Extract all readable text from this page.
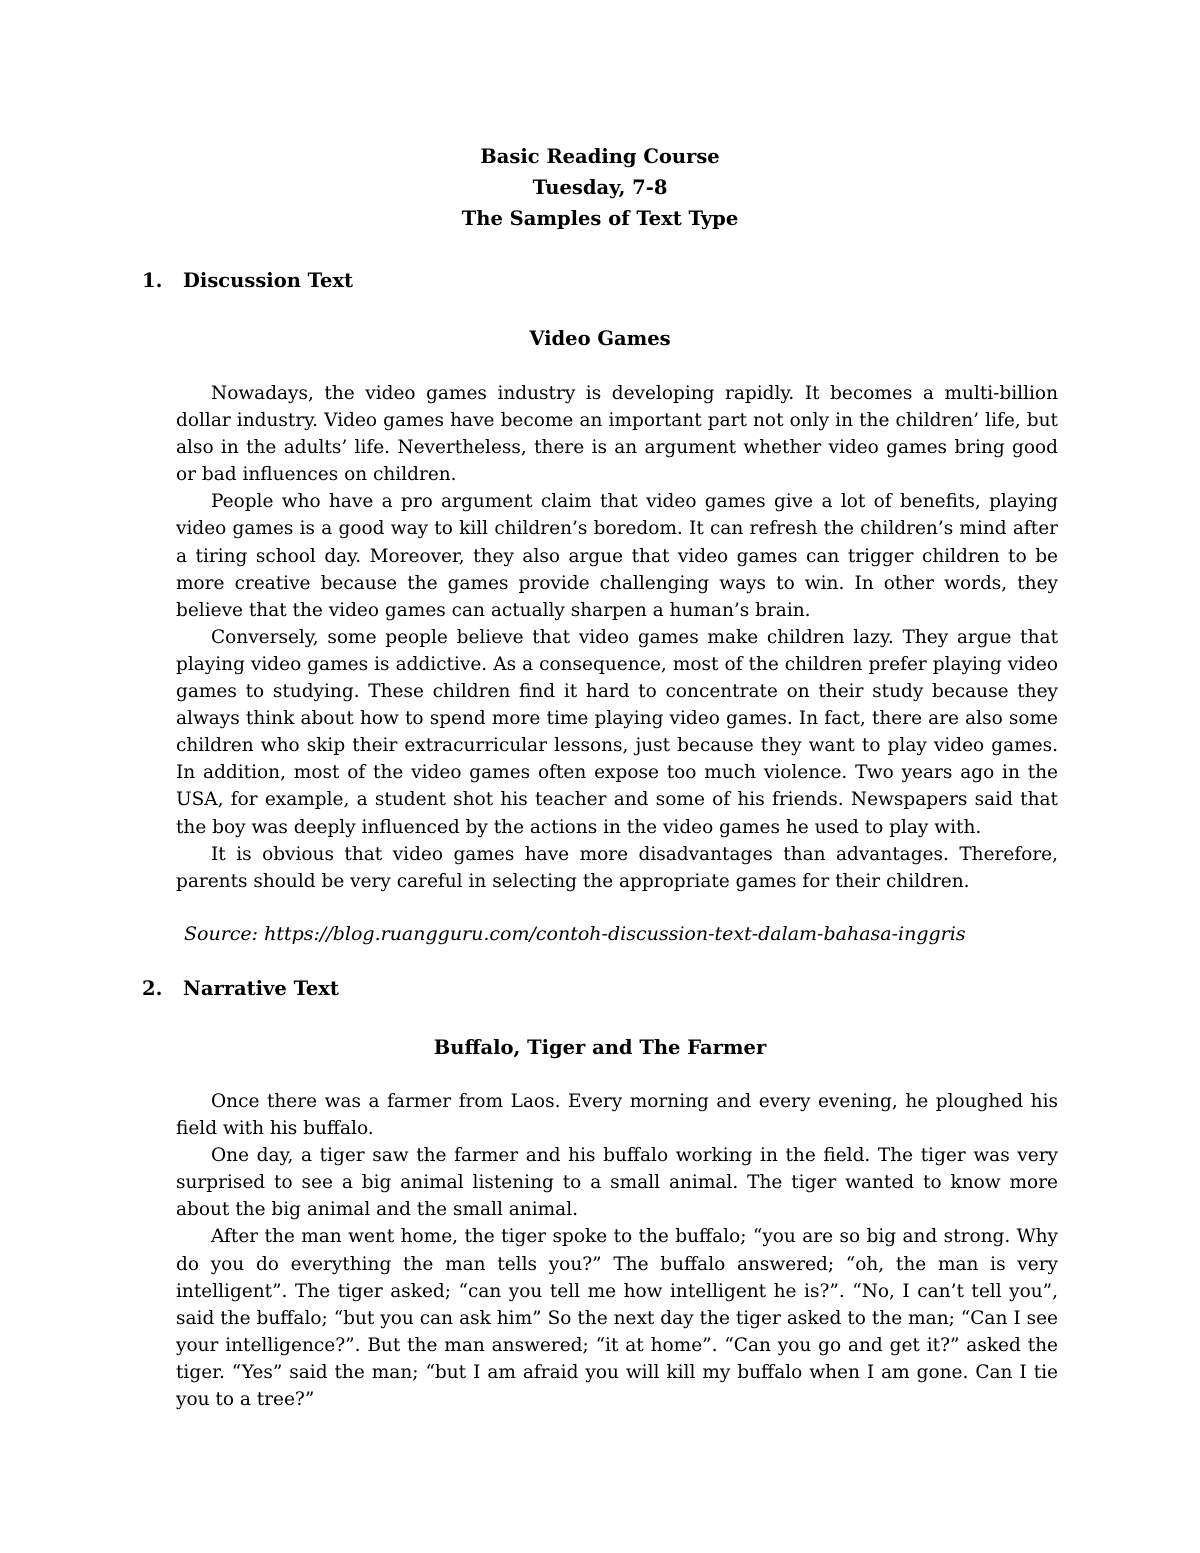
Basic Reading Course
Tuesday, 7-8
The Samples of Text Type
1. Discussion Text
Video Games

Nowadays, the video games industry is developing rapidly. It becomes a multi-billion dollar industry. Video games have become an important part not only in the children’ life, but also in the adults’ life. Nevertheless, there is an argument whether video games bring good or bad influences on children.

People who have a pro argument claim that video games give a lot of benefits, playing video games is a good way to kill children’s boredom. It can refresh the children’s mind after a tiring school day. Moreover, they also argue that video games can trigger children to be more creative because the games provide challenging ways to win. In other words, they believe that the video games can actually sharpen a human’s brain.

Conversely, some people believe that video games make children lazy. They argue that playing video games is addictive. As a consequence, most of the children prefer playing video games to studying. These children find it hard to concentrate on their study because they always think about how to spend more time playing video games. In fact, there are also some children who skip their extracurricular lessons, just because they want to play video games. In addition, most of the video games often expose too much violence. Two years ago in the USA, for example, a student shot his teacher and some of his friends. Newspapers said that the boy was deeply influenced by the actions in the video games he used to play with.

It is obvious that video games have more disadvantages than advantages. Therefore, parents should be very careful in selecting the appropriate games for their children.

Source: https://blog.ruangguru.com/contoh-discussion-text-dalam-bahasa-inggris
2. Narrative Text
Buffalo, Tiger and The Farmer

Once there was a farmer from Laos. Every morning and every evening, he ploughed his field with his buffalo.

One day, a tiger saw the farmer and his buffalo working in the field. The tiger was very surprised to see a big animal listening to a small animal. The tiger wanted to know more about the big animal and the small animal.

After the man went home, the tiger spoke to the buffalo; “you are so big and strong. Why do you do everything the man tells you?” The buffalo answered; “oh, the man is very intelligent”. The tiger asked; “can you tell me how intelligent he is?”. “No, I can’t tell you”, said the buffalo; “but you can ask him” So the next day the tiger asked to the man; “Can I see your intelligence?”. But the man answered; “it at home”. “Can you go and get it?” asked the tiger. “Yes” said the man; “but I am afraid you will kill my buffalo when I am gone. Can I tie you to a tree?”
